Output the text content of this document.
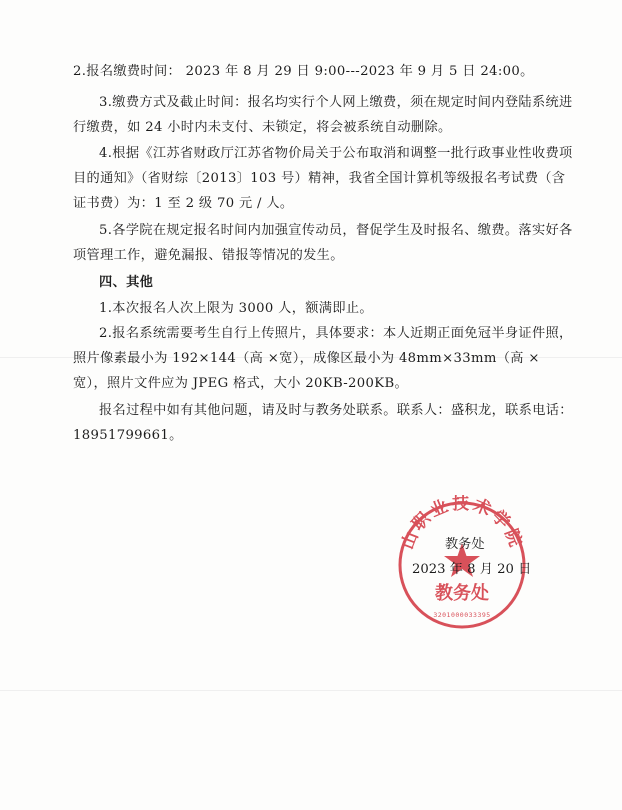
2.报名缴费时间： 2023 年 8 月 29 日 9:00---2023 年 9 月 5 日 24:00。

3.缴费方式及截止时间：报名均实行个人网上缴费，须在规定时间内登陆系统进行缴费，如 24 小时内未支付、未锁定，将会被系统自动删除。

4.根据《江苏省财政厅江苏省物价局关于公布取消和调整一批行政事业性收费项目的通知》（省财综〔2013〕103 号）精神，我省全国计算机等级报名考试费（含证书费）为：1 至 2 级 70 元 / 人。

5.各学院在规定报名时间内加强宣传动员，督促学生及时报名、缴费。落实好各项管理工作，避免漏报、错报等情况的发生。

四、其他

1.本次报名人次上限为 3000 人，额满即止。

2.报名系统需要考生自行上传照片，具体要求：本人近期正面免冠半身证件照，照片像素最小为 192×144（高 ×宽），成像区最小为 48mm×33mm（高 ×宽），照片文件应为 JPEG 格式，大小 20KB-200KB。

报名过程中如有其他问题，请及时与教务处联系。联系人：盛积龙，联系电话：18951799661。

山职业技术学院
教务处
3201000033395
教务处
2023 年 8 月 20 日
